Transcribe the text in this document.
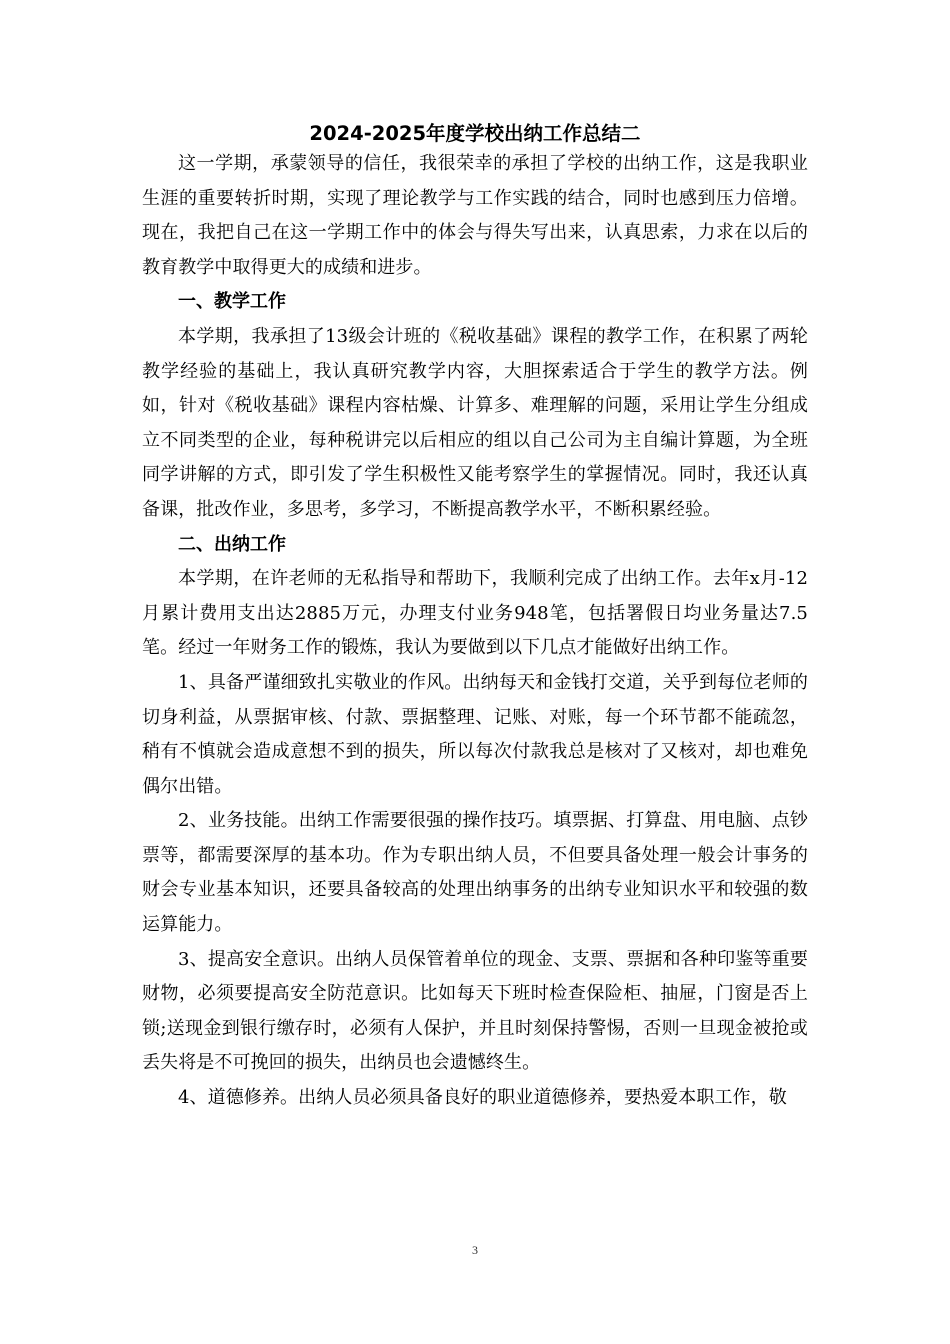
2024-2025年度学校出纳工作总结二

这一学期，承蒙领导的信任，我很荣幸的承担了学校的出纳工作，这是我职业生涯的重要转折时期，实现了理论教学与工作实践的结合，同时也感到压力倍增。现在，我把自己在这一学期工作中的体会与得失写出来，认真思索，力求在以后的教育教学中取得更大的成绩和进步。

一、教学工作

本学期，我承担了13级会计班的《税收基础》课程的教学工作，在积累了两轮教学经验的基础上，我认真研究教学内容，大胆探索适合于学生的教学方法。例如，针对《税收基础》课程内容枯燥、计算多、难理解的问题，采用让学生分组成立不同类型的企业，每种税讲完以后相应的组以自己公司为主自编计算题，为全班同学讲解的方式，即引发了学生积极性又能考察学生的掌握情况。同时，我还认真备课，批改作业，多思考，多学习，不断提高教学水平，不断积累经验。

二、出纳工作

本学期，在许老师的无私指导和帮助下，我顺利完成了出纳工作。去年x月-12月累计费用支出达2885万元，办理支付业务948笔，包括署假日均业务量达7.5笔。经过一年财务工作的锻炼，我认为要做到以下几点才能做好出纳工作。

1、具备严谨细致扎实敬业的作风。出纳每天和金钱打交道，关乎到每位老师的切身利益，从票据审核、付款、票据整理、记账、对账，每一个环节都不能疏忽，稍有不慎就会造成意想不到的损失，所以每次付款我总是核对了又核对，却也难免偶尔出错。

2、业务技能。出纳工作需要很强的操作技巧。填票据、打算盘、用电脑、点钞票等，都需要深厚的基本功。作为专职出纳人员，不但要具备处理一般会计事务的财会专业基本知识，还要具备较高的处理出纳事务的出纳专业知识水平和较强的数运算能力。

3、提高安全意识。出纳人员保管着单位的现金、支票、票据和各种印鉴等重要财物，必须要提高安全防范意识。比如每天下班时检查保险柜、抽屉，门窗是否上锁;送现金到银行缴存时，必须有人保护，并且时刻保持警惕，否则一旦现金被抢或丢失将是不可挽回的损失，出纳员也会遗憾终生。

4、道德修养。出纳人员必须具备良好的职业道德修养，要热爱本职工作，敬

3
